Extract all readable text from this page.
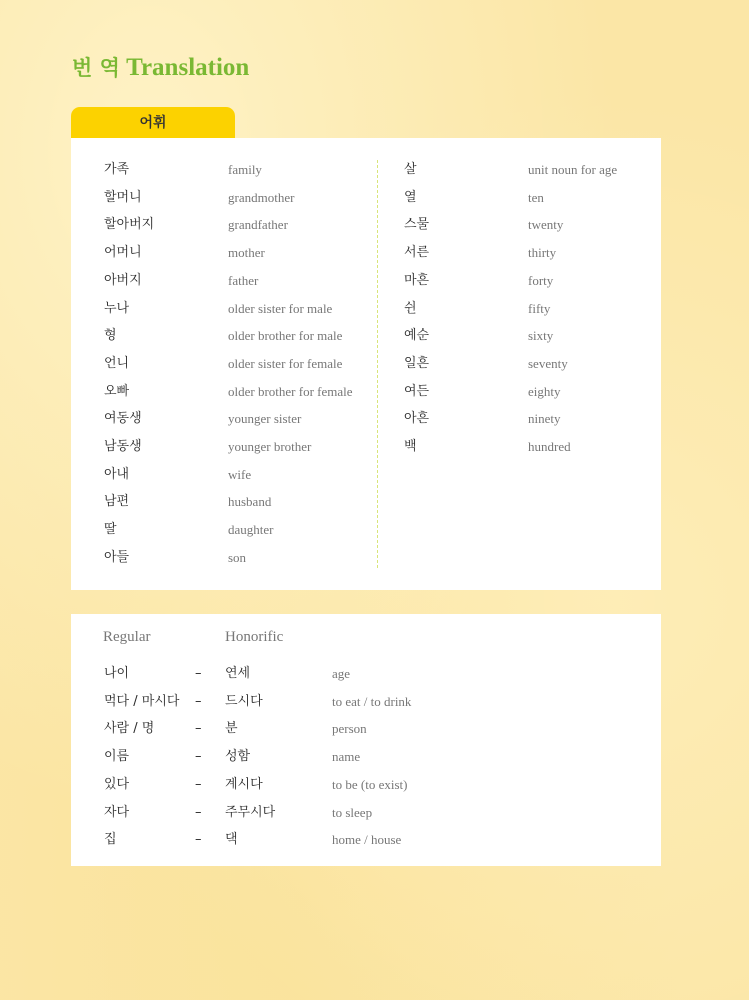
번 역 Translation
어휘
가족	family
할머니	grandmother
할아버지	grandfather
어머니	mother
아버지	father
누나	older sister for male
형	older brother for male
언니	older sister for female
오빠	older brother for female
여동생	younger sister
남동생	younger brother
아내	wife
남편	husband
딸	daughter
아들	son
살	unit noun for age
열	ten
스물	twenty
서른	thirty
마흔	forty
쉰	fifty
예순	sixty
일흔	seventy
여든	eighty
아흔	ninety
백	hundred
Regular	Honorific
나이	– 연세	age
먹다 / 마시다 – 드시다	to eat / to drink
사람 / 명	– 분	person
이름	– 성함	name
있다	– 계시다	to be (to exist)
자다	– 주무시다	to sleep
집	– 댁	home / house
